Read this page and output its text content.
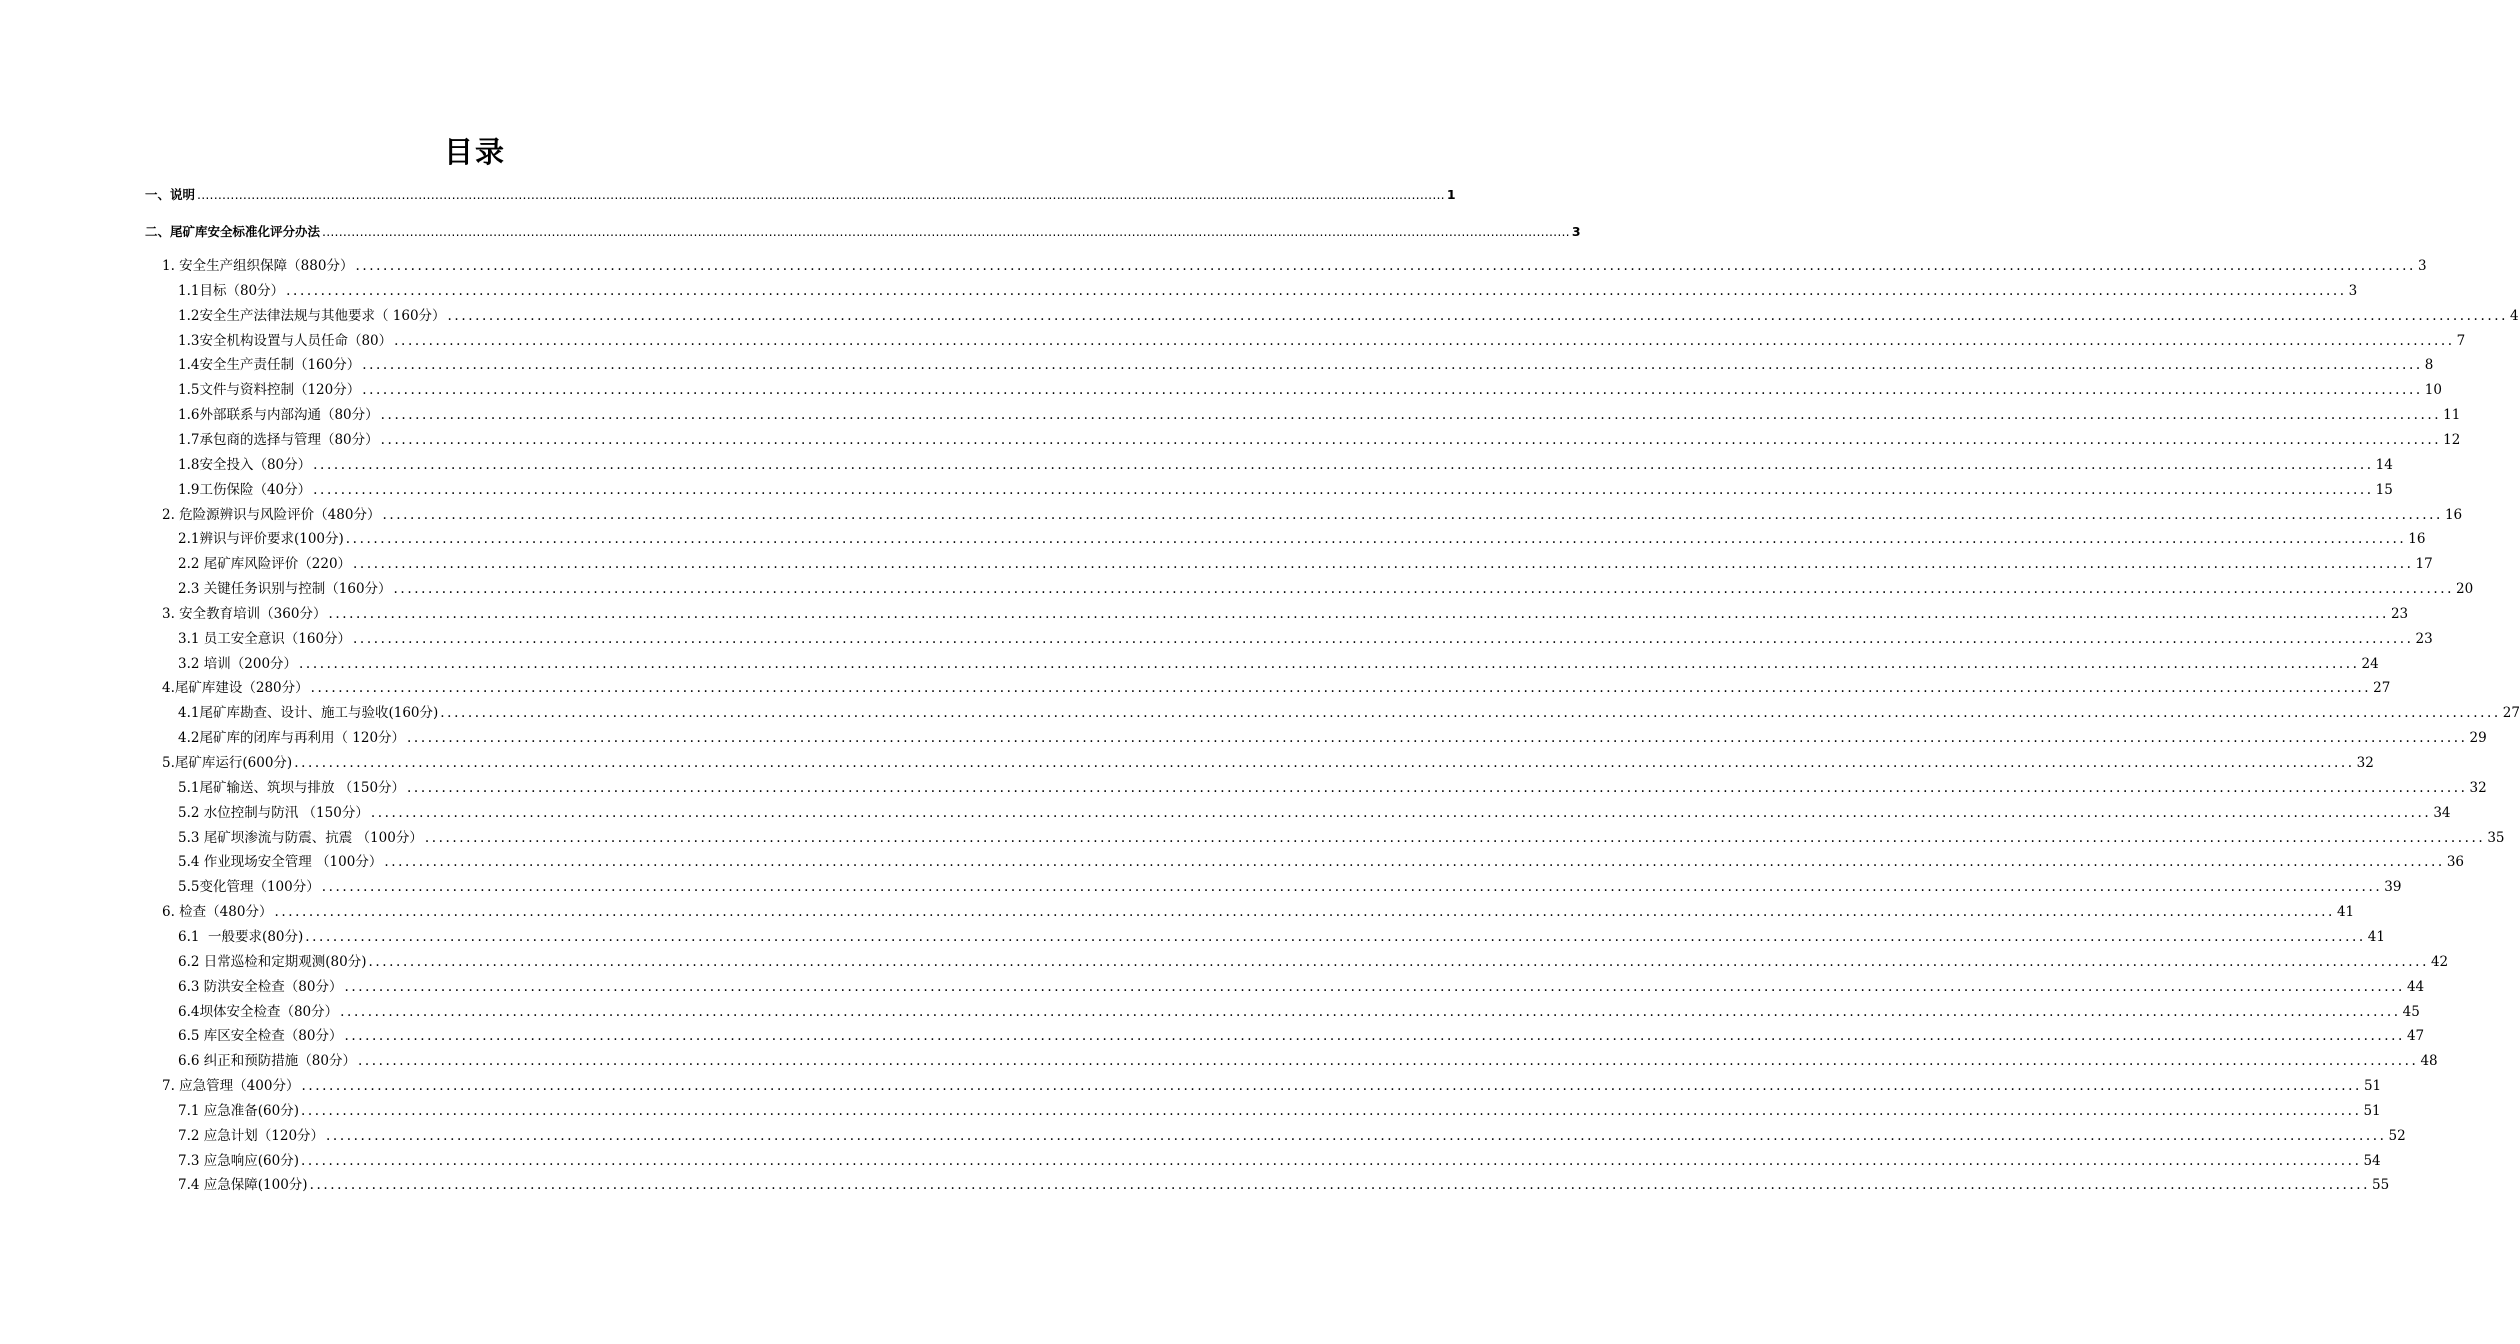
目录
一、说明 ........................................................................................................................................................................................................................................................................................................... 1
二、尾矿库安全标准化评分办法 ........................................................................................................................................................................................................................................................................................................... 3
1. 安全生产组织保障（880分） ........................................................................................................................................................................................................................................................................................................... 3
1.1目标（80分） ........................................................................................................................................................................................................................................................................................................... 3
1.2安全生产法律法规与其他要求（ 160分） ........................................................................................................................................................................................................................................................................................................... 4
1.3安全机构设置与人员任命（80） ........................................................................................................................................................................................................................................................................................................... 7
1.4安全生产责任制（160分） ........................................................................................................................................................................................................................................................................................................... 8
1.5文件与资料控制（120分） ........................................................................................................................................................................................................................................................................................................... 10
1.6外部联系与内部沟通（80分） ........................................................................................................................................................................................................................................................................................................... 11
1.7承包商的选择与管理（80分） ........................................................................................................................................................................................................................................................................................................... 12
1.8安全投入（80分） ........................................................................................................................................................................................................................................................................................................... 14
1.9工伤保险（40分） ........................................................................................................................................................................................................................................................................................................... 15
2. 危险源辨识与风险评价（480分） ........................................................................................................................................................................................................................................................................................................... 16
2.1辨识与评价要求(100分) ........................................................................................................................................................................................................................................................................................................... 16
2.2 尾矿库风险评价（220） ........................................................................................................................................................................................................................................................................................................... 17
2.3 关键任务识别与控制（160分） ........................................................................................................................................................................................................................................................................................................... 20
3. 安全教育培训（360分） ........................................................................................................................................................................................................................................................................................................... 23
3.1 员工安全意识（160分） ........................................................................................................................................................................................................................................................................................................... 23
3.2 培训（200分） ........................................................................................................................................................................................................................................................................................................... 24
4.尾矿库建设（280分） ........................................................................................................................................................................................................................................................................................................... 27
4.1尾矿库勘查、设计、施工与验收(160分) ........................................................................................................................................................................................................................................................................................................... 27
4.2尾矿库的闭库与再利用（ 120分） ........................................................................................................................................................................................................................................................................................................... 29
5.尾矿库运行(600分) ........................................................................................................................................................................................................................................................................................................... 32
5.1尾矿输送、筑坝与排放 （150分） ........................................................................................................................................................................................................................................................................................................... 32
5.2 水位控制与防汛 （150分） ........................................................................................................................................................................................................................................................................................................... 34
5.3 尾矿坝渗流与防震、抗震 （100分） ........................................................................................................................................................................................................................................................................................................... 35
5.4 作业现场安全管理 （100分） ........................................................................................................................................................................................................................................................................................................... 36
5.5变化管理（100分） ........................................................................................................................................................................................................................................................................................................... 39
6. 检查（480分） ........................................................................................................................................................................................................................................................................................................... 41
6.1  一般要求(80分) ........................................................................................................................................................................................................................................................................................................... 41
6.2 日常巡检和定期观测(80分) ........................................................................................................................................................................................................................................................................................................... 42
6.3 防洪安全检查（80分） ........................................................................................................................................................................................................................................................................................................... 44
6.4坝体安全检查（80分） ........................................................................................................................................................................................................................................................................................................... 45
6.5 库区安全检查（80分） ........................................................................................................................................................................................................................................................................................................... 47
6.6 纠正和预防措施（80分） ........................................................................................................................................................................................................................................................................................................... 48
7. 应急管理（400分） ........................................................................................................................................................................................................................................................................................................... 51
7.1 应急准备(60分) ........................................................................................................................................................................................................................................................................................................... 51
7.2 应急计划（120分） ........................................................................................................................................................................................................................................................................................................... 52
7.3 应急响应(60分) ........................................................................................................................................................................................................................................................................................................... 54
7.4 应急保障(100分) ........................................................................................................................................................................................................................................................................................................... 55
